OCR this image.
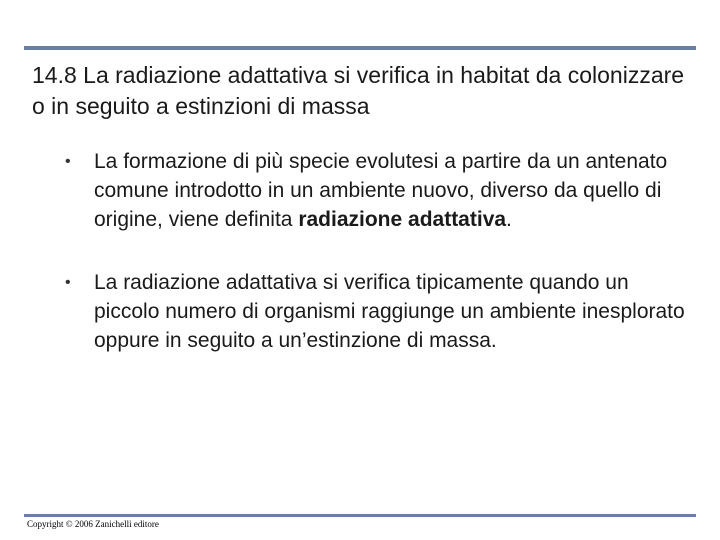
14.8 La radiazione adattativa si verifica in habitat da colonizzare o in seguito a estinzioni di massa
• La formazione di più specie evolutesi a partire da un antenato comune introdotto in un ambiente nuovo, diverso da quello di origine, viene definita radiazione adattativa.
• La radiazione adattativa si verifica tipicamente quando un piccolo numero di organismi raggiunge un ambiente inesplorato oppure in seguito a un’estinzione di massa.
Copyright © 2006 Zanichelli editore
